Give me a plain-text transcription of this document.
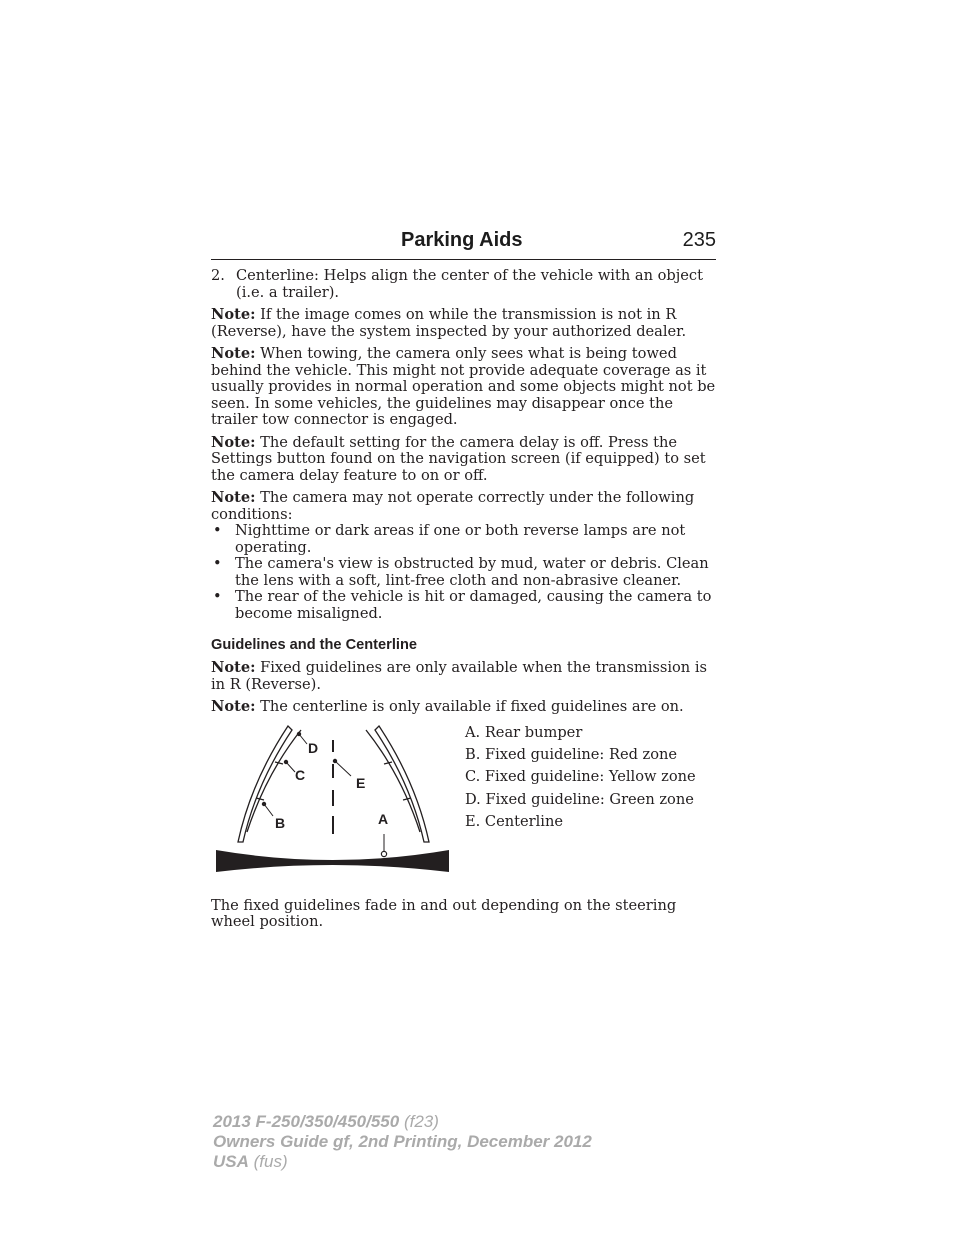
Parking Aids	235
2. Centerline: Helps align the center of the vehicle with an object (i.e. a trailer).

Note: If the image comes on while the transmission is not in R (Reverse), have the system inspected by your authorized dealer.

Note: When towing, the camera only sees what is being towed behind the vehicle. This might not provide adequate coverage as it usually provides in normal operation and some objects might not be seen. In some vehicles, the guidelines may disappear once the trailer tow connector is engaged.

Note: The default setting for the camera delay is off. Press the Settings button found on the navigation screen (if equipped) to set the camera delay feature to on or off.

Note: The camera may not operate correctly under the following conditions:

• Nighttime or dark areas if one or both reverse lamps are not operating.
• The camera's view is obstructed by mud, water or debris. Clean the lens with a soft, lint-free cloth and non-abrasive cleaner.
• The rear of the vehicle is hit or damaged, causing the camera to become misaligned.
Guidelines and the Centerline

Note: Fixed guidelines are only available when the transmission is in R (Reverse).

Note: The centerline is only available if fixed guidelines are on.

D
C
B
E
A
A. Rear bumper
B. Fixed guideline: Red zone
C. Fixed guideline: Yellow zone
D. Fixed guideline: Green zone
E. Centerline

The fixed guidelines fade in and out depending on the steering wheel position.

2013 F-250/350/450/550 (f23)
Owners Guide gf, 2nd Printing, December 2012
USA (fus)
